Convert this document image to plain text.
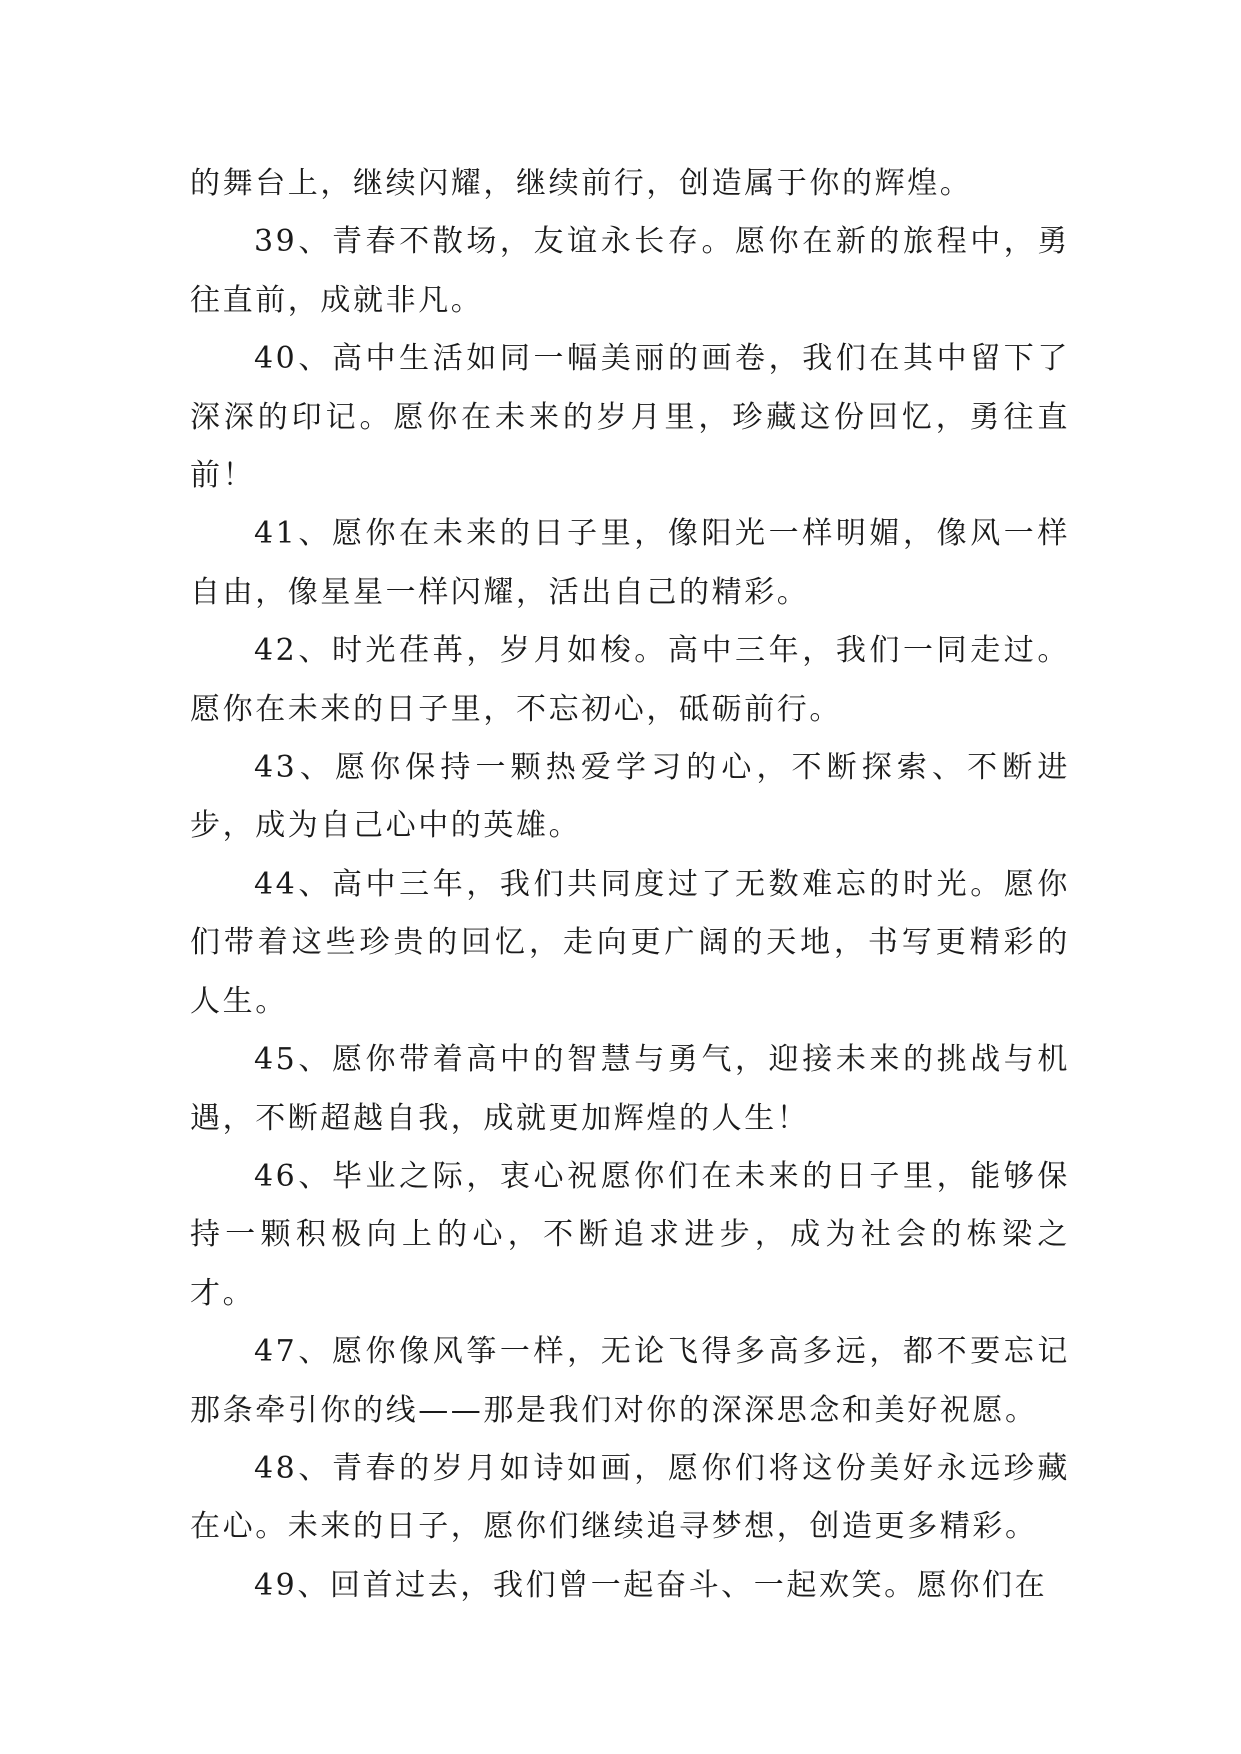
的舞台上，继续闪耀，继续前行，创造属于你的辉煌。

39、青春不散场，友谊永长存。愿你在新的旅程中，勇往直前，成就非凡。

40、高中生活如同一幅美丽的画卷，我们在其中留下了深深的印记。愿你在未来的岁月里，珍藏这份回忆，勇往直前！

41、愿你在未来的日子里，像阳光一样明媚，像风一样自由，像星星一样闪耀，活出自己的精彩。

42、时光荏苒，岁月如梭。高中三年，我们一同走过。愿你在未来的日子里，不忘初心，砥砺前行。

43、愿你保持一颗热爱学习的心，不断探索、不断进步，成为自己心中的英雄。

44、高中三年，我们共同度过了无数难忘的时光。愿你们带着这些珍贵的回忆，走向更广阔的天地，书写更精彩的人生。

45、愿你带着高中的智慧与勇气，迎接未来的挑战与机遇，不断超越自我，成就更加辉煌的人生！

46、毕业之际，衷心祝愿你们在未来的日子里，能够保持一颗积极向上的心，不断追求进步，成为社会的栋梁之才。

47、愿你像风筝一样，无论飞得多高多远，都不要忘记那条牵引你的线——那是我们对你的深深思念和美好祝愿。

48、青春的岁月如诗如画，愿你们将这份美好永远珍藏在心。未来的日子，愿你们继续追寻梦想，创造更多精彩。

49、回首过去，我们曾一起奋斗、一起欢笑。愿你们在
